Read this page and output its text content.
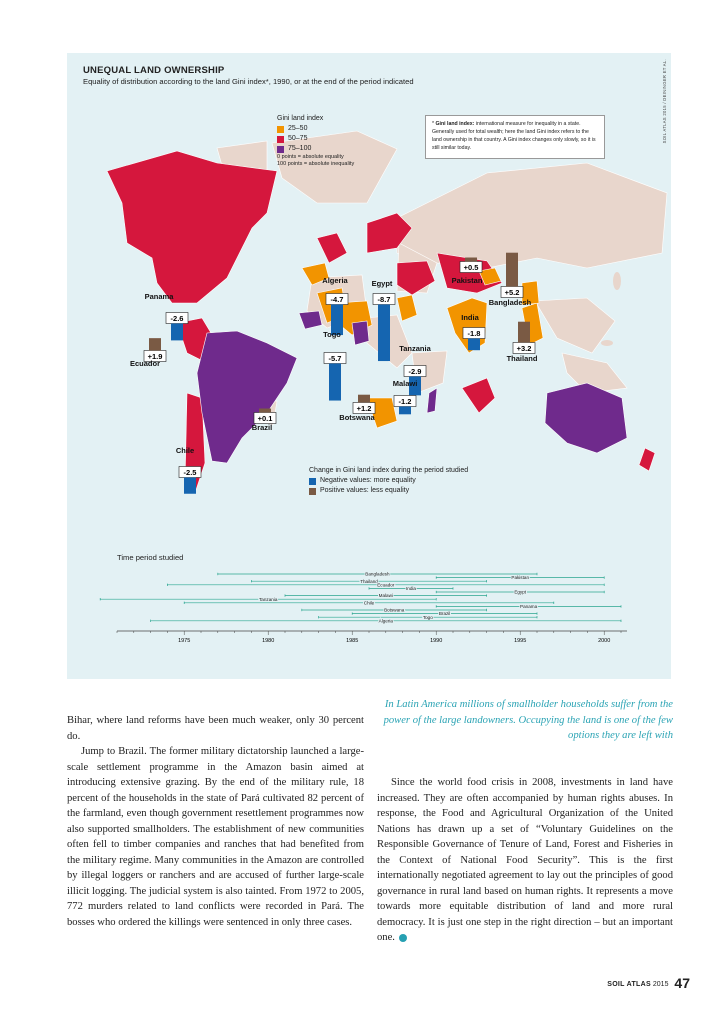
-2.6
+1.9
+0.1
-2.5
-4.7	-8.7
-5.7
-2.9
-1.2
+1.2
+0.5
-1.8
+5.2
+3.2
Panama
Ecuador
Brazil
Chile
Algeria	Egypt
Togo
Tanzania
Malawi
Botswana
Pakistan
India
Bangladesh
Thailand
UNEQUAL LAND OWNERSHIP
Equality of distribution according to the land Gini index*, 1990, or at the end of the period indicated	SOIL ATLAS 2015 / DEININGER ET AL.
Gini land index
25–50
50–75
75–100
0 points = absolute equality
100 points = absolute inequality
* Gini land index: international measure for inequality in a state. Generally used for total wealth; here the land Gini index refers to the land ownership in that country. A Gini index changes only slowly, so it is still similar today.
Change in Gini land index during the period studied
Negative values: more equality
Positive values: less equality
Time period studied
Bangladesh
Pakistan
Thailand
Ecuador
India
Egypt
Malawi
Tanzania
Chile
Panama
Botswana
Brazil
Togo
Algeria
1975	1980	1985	1990	1995	2000
In Latin America millions of smallholder households suffer from the power of the large landowners. Occupying the land is one of the few options they are left with

Bihar, where land reforms have been much weaker, only 30 percent do.

Jump to Brazil. The former military dictatorship launched a large-scale settlement programme in the Amazon basin aimed at introducing extensive grazing. By the end of the military rule, 18 percent of the households in the state of Pará cultivated 82 percent of the farmland, even though government resettlement programmes now also supported smallholders. The establishment of new communities often fell to timber companies and ranches that had benefited from the military regime. Many communities in the Amazon are controlled by illegal loggers or ranchers and are accused of further large-scale illicit logging. The judicial system is also tainted. From 1972 to 2005, 772 murders related to land conflicts were recorded in Pará. The bosses who ordered the killings were sentenced in only three cases.

Since the world food crisis in 2008, investments in land have increased. They are often accompanied by human rights abuses. In response, the Food and Agricultural Organization of the United Nations has drawn up a set of “Voluntary Guidelines on the Responsible Governance of Tenure of Land, Forest and Fisheries in the Context of National Food Security”. This is the first internationally negotiated agreement to lay out the principles of good governance in rural land based on human rights. It represents a move towards more equitable distribution of land and more rural democracy. It is just one step in the right direction – but an important one.

SOIL ATLAS 2015 47
